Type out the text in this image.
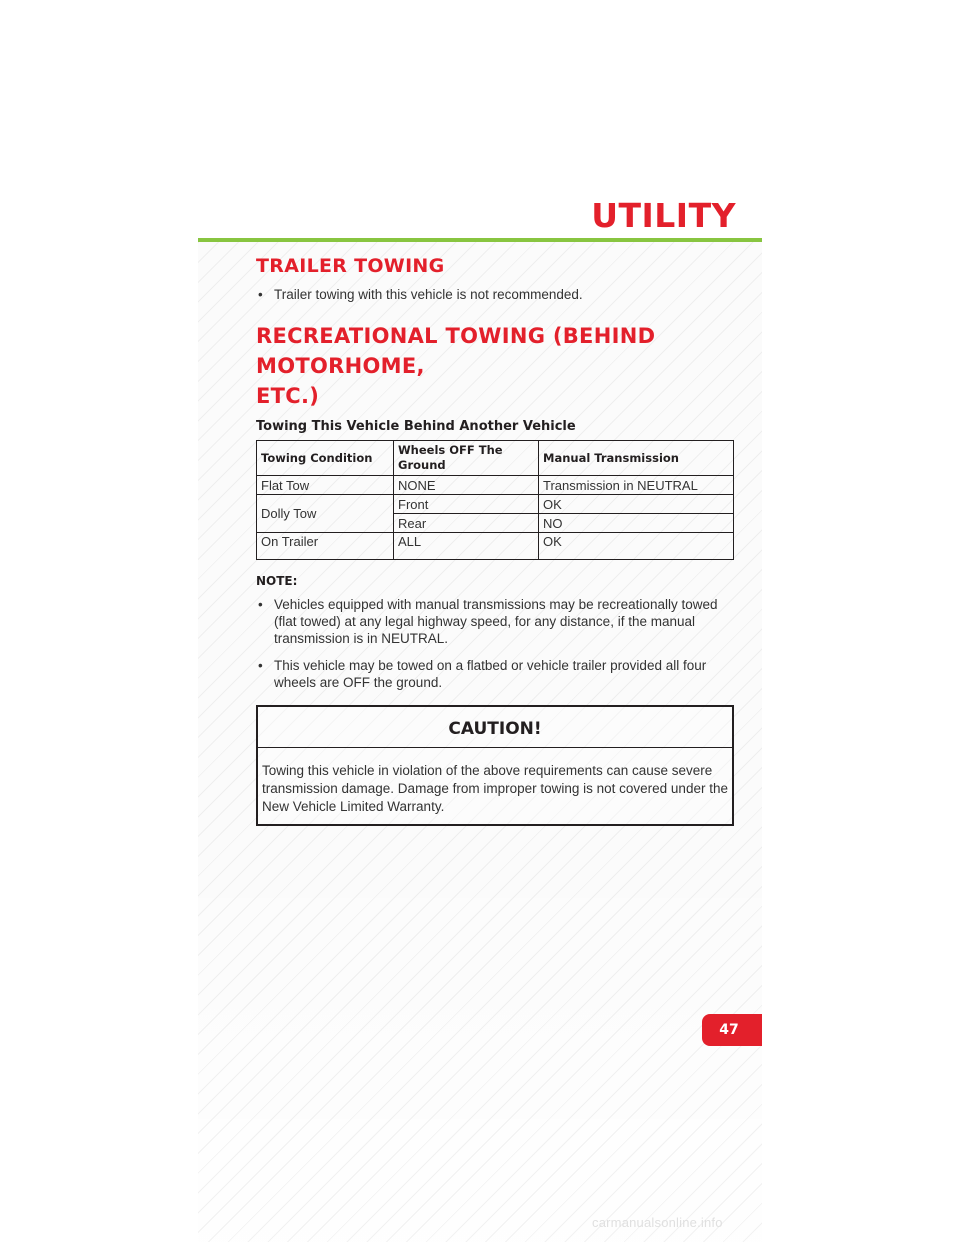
UTILITY
TRAILER TOWING
• Trailer towing with this vehicle is not recommended.
RECREATIONAL TOWING (BEHIND MOTORHOME,
ETC.)
Towing This Vehicle Behind Another Vehicle
Towing Condition	Wheels OFF The Ground	Manual Transmission
Flat Tow	NONE	Transmission in NEUTRAL
Dolly Tow	Front	OK
	Rear	NO
On Trailer	ALL	OK
NOTE:
• Vehicles equipped with manual transmissions may be recreationally towed (flat towed) at any legal highway speed, for any distance, if the manual transmission is in NEUTRAL.
• This vehicle may be towed on a flatbed or vehicle trailer provided all four wheels are OFF the ground.
CAUTION!
Towing this vehicle in violation of the above requirements can cause severe transmission damage. Damage from improper towing is not covered under the New Vehicle Limited Warranty.
47
carmanualsonline.info
